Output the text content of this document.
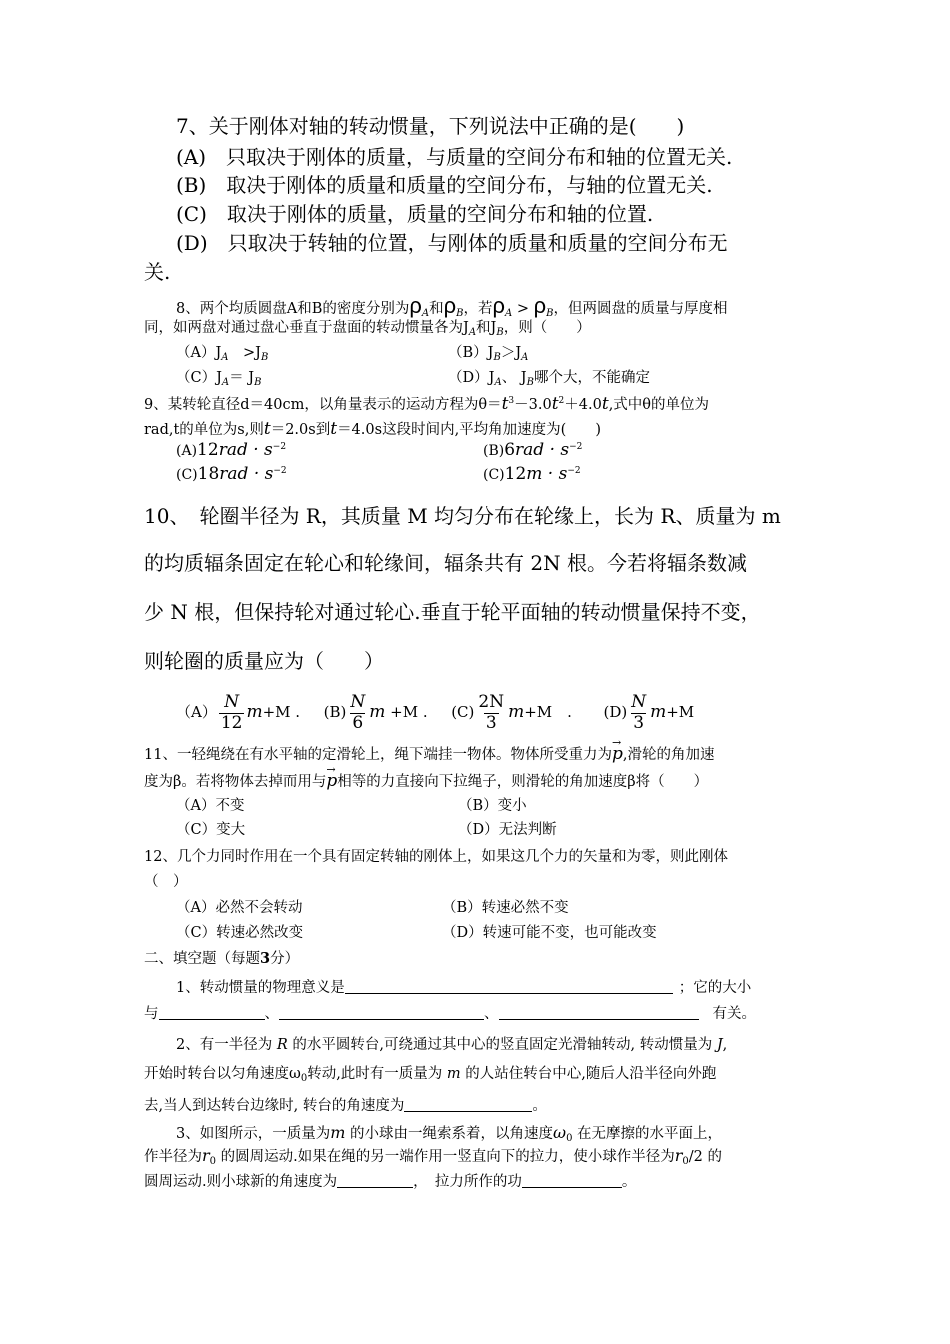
7、关于刚体对轴的转动惯量，下列说法中正确的是(　　)
(A)　只取决于刚体的质量，与质量的空间分布和轴的位置无关.
(B)　取决于刚体的质量和质量的空间分布，与轴的位置无关.
(C)　取决于刚体的质量，质量的空间分布和轴的位置.
(D)　只取决于转轴的位置，与刚体的质量和质量的空间分布无
关.
8、两个均质圆盘A和B的密度分别为$\rho_A$和$\rho_B$，若$\rho_A > \rho_B$，但两圆盘的质量与厚度相
同，如两盘对通过盘心垂直于盘面的转动惯量各为$J_A$和$J_B$，则（　　）
$(A)J_A$　$>J_B$	$(B)J_B>J_A$
$(C)J_A= J_B$	$(D)J_A$、 $J_B$哪个大，不能确定
9、某转轮直径d＝40cm，以角量表示的运动方程为$\theta=t^3-3.0t^2+4.0t$,式中θ的单位为
rad,t的单位为s,则t＝2.0s到t＝4.0s这段时间内,平均角加速度为(　　)
$(A)12rad \cdot s^{-2}$	$(B)6rad \cdot s^{-2}$
$(C)18rad \cdot s^{-2}$	$(C)12m \cdot s^{-2}$
10、　轮圈半径为 R，其质量 M 均匀分布在轮缘上，长为 R、质量为 m
的均质辐条固定在轮心和轮缘间，辐条共有 2N 根。今若将辐条数减
少 N 根，但保持轮对通过轮心.垂直于轮平面轴的转动惯量保持不变，
则轮圈的质量应为（　　）
$(A) \frac{N}{12} m+M$ . $(B) \frac{N}{6}$ m +M . $(C) \frac{2N}{3} m+M$　. $(D) \frac{N}{3} m+M$
11、一轻绳绕在有水平轴的定滑轮上，绳下端挂一物体。物体所受重力为→ p,滑轮的角加速
度为β。若将物体去掉而用与→ p相等的力直接向下拉绳子，则滑轮的角加速度β将（　　）
（A）不变	（B）变小
（C）变大	（D）无法判断
12、几个力同时作用在一个具有固定转轴的刚体上，如果这几个力的矢量和为零，则此刚体
（　）
（A）必然不会转动	（B）转速必然不变
（C）转速必然改变	（D）转速可能不变，也可能改变
二、填空题（每题3分）
1、转动惯量的物理意义是	；它的大小
与	、	、	有关。
2、有一半径为 R 的水平圆转台,可绕通过其中心的竖直固定光滑轴转动, 转动惯量为 J,
开始时转台以匀角速度$\omega_0$转动,此时有一质量为 m 的人站住转台中心,随后人沿半径向外跑
去,当人到达转台边缘时, 转台的角速度为	。
3、如图所示，一质量为m 的小球由一绳索系着，以角速度$\omega_0$ 在无摩擦的水平面上，
作半径为$r_0$ 的圆周运动.如果在绳的另一端作用一竖直向下的拉力，使小球作半径为$r_0/2$ 的
圆周运动.则小球新的角速度为	，　拉力所作的功	。
